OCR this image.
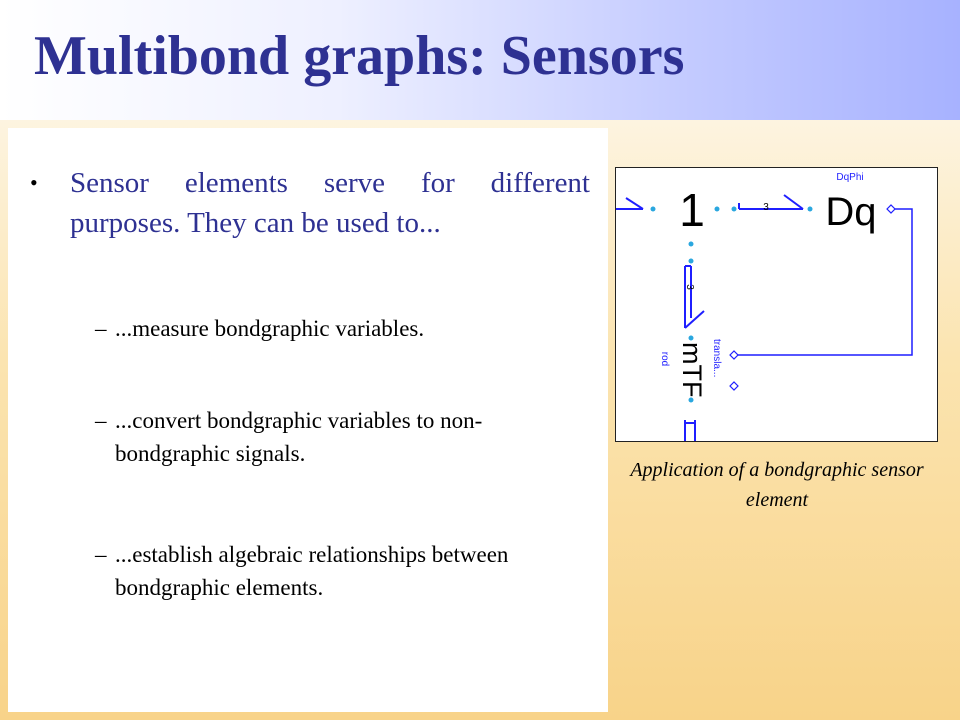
Multibond graphs: Sensors
• Sensor elements serve for different purposes. They can be used to...
– ...measure bondgraphic variables.
– ...convert bondgraphic variables to non-bondgraphic signals.
– ...establish algebraic relationships between bondgraphic elements.
1	3
DqPhi
Dq
3
mTF
rod	transla...
Application of a bondgraphic sensor element
